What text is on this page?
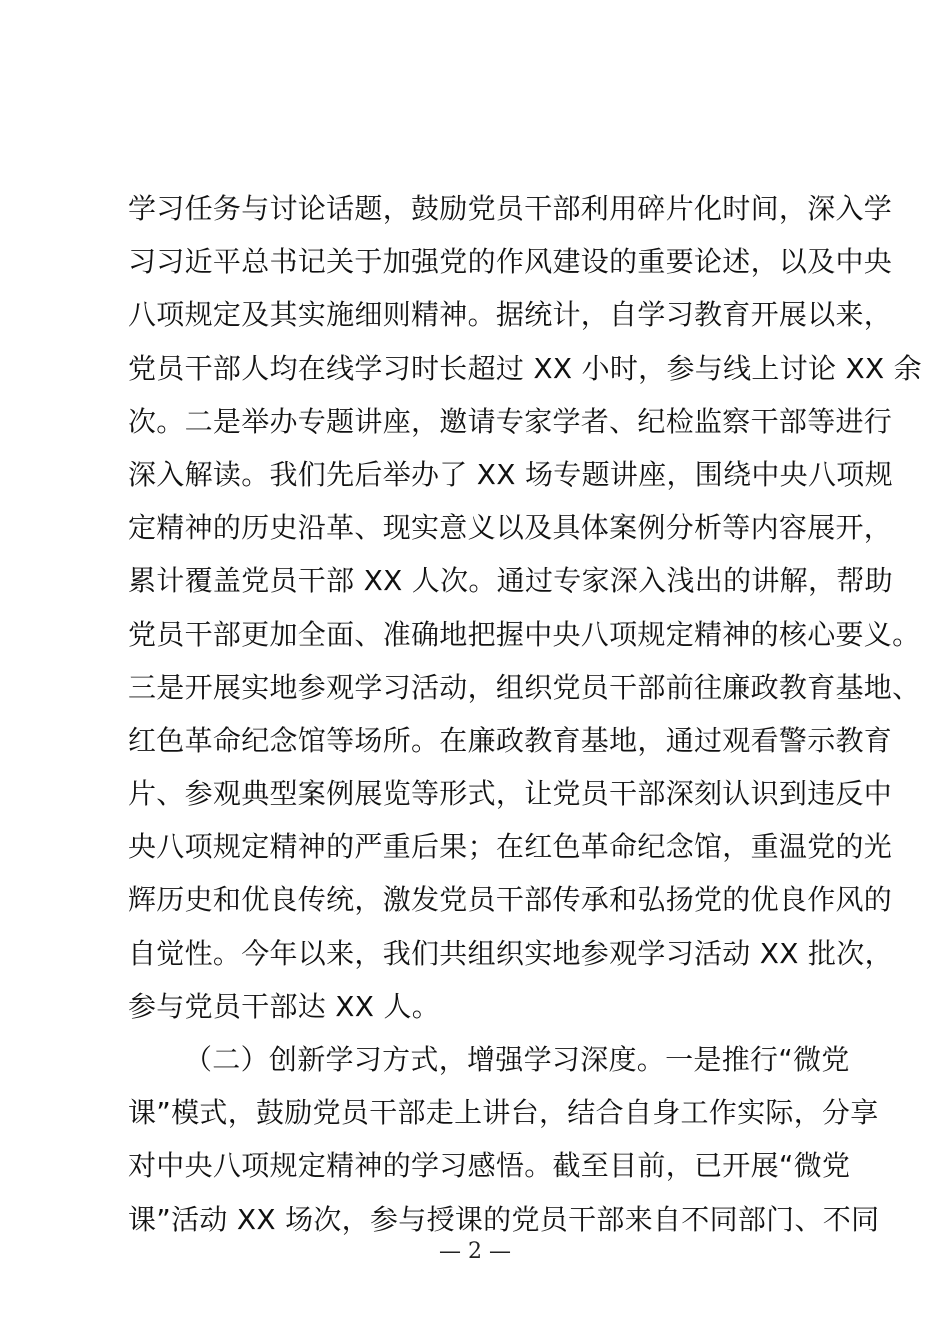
学习任务与讨论话题，鼓励党员干部利用碎片化时间，深入学
习习近平总书记关于加强党的作风建设的重要论述，以及中央
八项规定及其实施细则精神。据统计，自学习教育开展以来，
党员干部人均在线学习时长超过 XX 小时，参与线上讨论 XX 余
次。二是举办专题讲座，邀请专家学者、纪检监察干部等进行
深入解读。我们先后举办了 XX 场专题讲座，围绕中央八项规
定精神的历史沿革、现实意义以及具体案例分析等内容展开，
累计覆盖党员干部 XX 人次。通过专家深入浅出的讲解，帮助
党员干部更加全面、准确地把握中央八项规定精神的核心要义。
三是开展实地参观学习活动，组织党员干部前往廉政教育基地、
红色革命纪念馆等场所。在廉政教育基地，通过观看警示教育
片、参观典型案例展览等形式，让党员干部深刻认识到违反中
央八项规定精神的严重后果；在红色革命纪念馆，重温党的光
辉历史和优良传统，激发党员干部传承和弘扬党的优良作风的
自觉性。今年以来，我们共组织实地参观学习活动 XX 批次，
参与党员干部达 XX 人。
（二）创新学习方式，增强学习深度。一是推行“微党
课”模式，鼓励党员干部走上讲台，结合自身工作实际，分享
对中央八项规定精神的学习感悟。截至目前，已开展“微党
课”活动 XX 场次，参与授课的党员干部来自不同部门、不同
— 2 —
